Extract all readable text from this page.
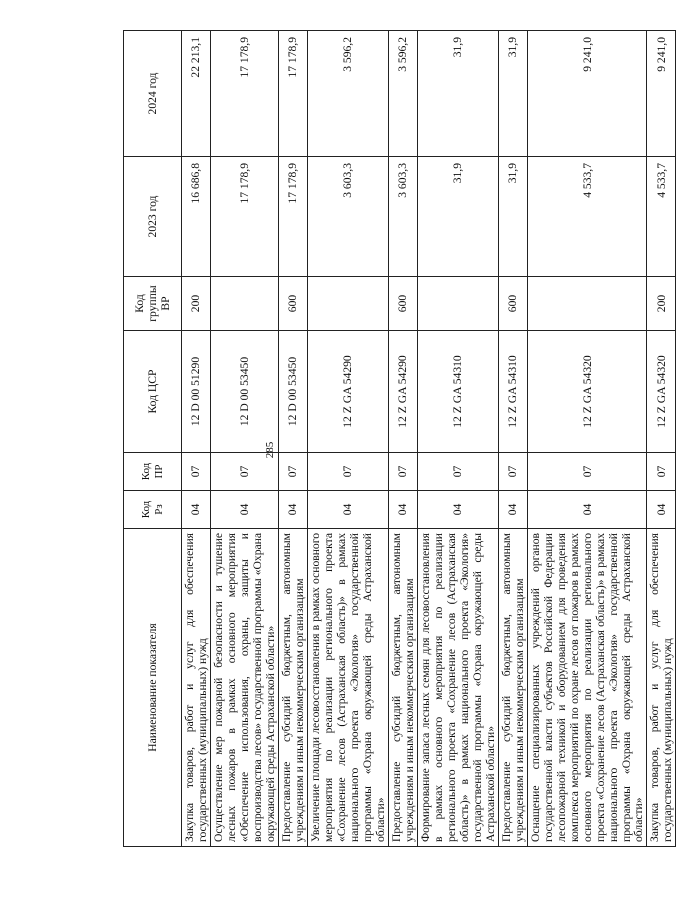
285
Наименование показателя	Код Рз	Код ПР	Код ЦСР	Код группы ВР	2023 год	2024 год
Закупка товаров, работ и услуг для обеспечения государственных (муниципальных) нужд	04	07	12 D 00 51290	200	16 686,8	22 213,1
Осуществление мер пожарной безопасности и тушение лесных пожаров в рамках основного мероприятия «Обеспечение использования, охраны, защиты и воспроизводства лесов» государственной программы «Охрана окружающей среды Астраханской области»	04	07	12 D 00 53450		17 178,9	17 178,9
Предоставление субсидий бюджетным, автономным учреждениям и иным некоммерческим организациям	04	07	12 D 00 53450	600	17 178,9	17 178,9
Увеличение площади лесовосстановления в рамках основного мероприятия по реализации регионального проекта «Сохранение лесов (Астраханская область)» в рамках национального проекта «Экология» государственной программы «Охрана окружающей среды Астраханской области»	04	07	12 Z GA 54290		3 603,3	3 596,2
Предоставление субсидий бюджетным, автономным учреждениям и иным некоммерческим организациям	04	07	12 Z GA 54290	600	3 603,3	3 596,2
Формирование запаса лесных семян для лесовосстановления в рамках основного мероприятия по реализации регионального проекта «Сохранение лесов (Астраханская область)» в рамках национального проекта «Экология» государственной программы «Охрана окружающей среды Астраханской области»	04	07	12 Z GA 54310		31,9	31,9
Предоставление субсидий бюджетным, автономным учреждениям и иным некоммерческим организациям	04	07	12 Z GA 54310	600	31,9	31,9
Оснащение специализированных учреждений органов государственной власти субъектов Российской Федерации лесопожарной техникой и оборудованием для проведения комплекса мероприятий по охране лесов от пожаров в рамках основного мероприятия по реализации регионального проекта «Сохранение лесов (Астраханская область)» в рамках национального проекта «Экология» государственной программы «Охрана окружающей среды Астраханской области»	04	07	12 Z GA 54320		4 533,7	9 241,0
Закупка товаров, работ и услуг для обеспечения государственных (муниципальных) нужд	04	07	12 Z GA 54320	200	4 533,7	9 241,0
